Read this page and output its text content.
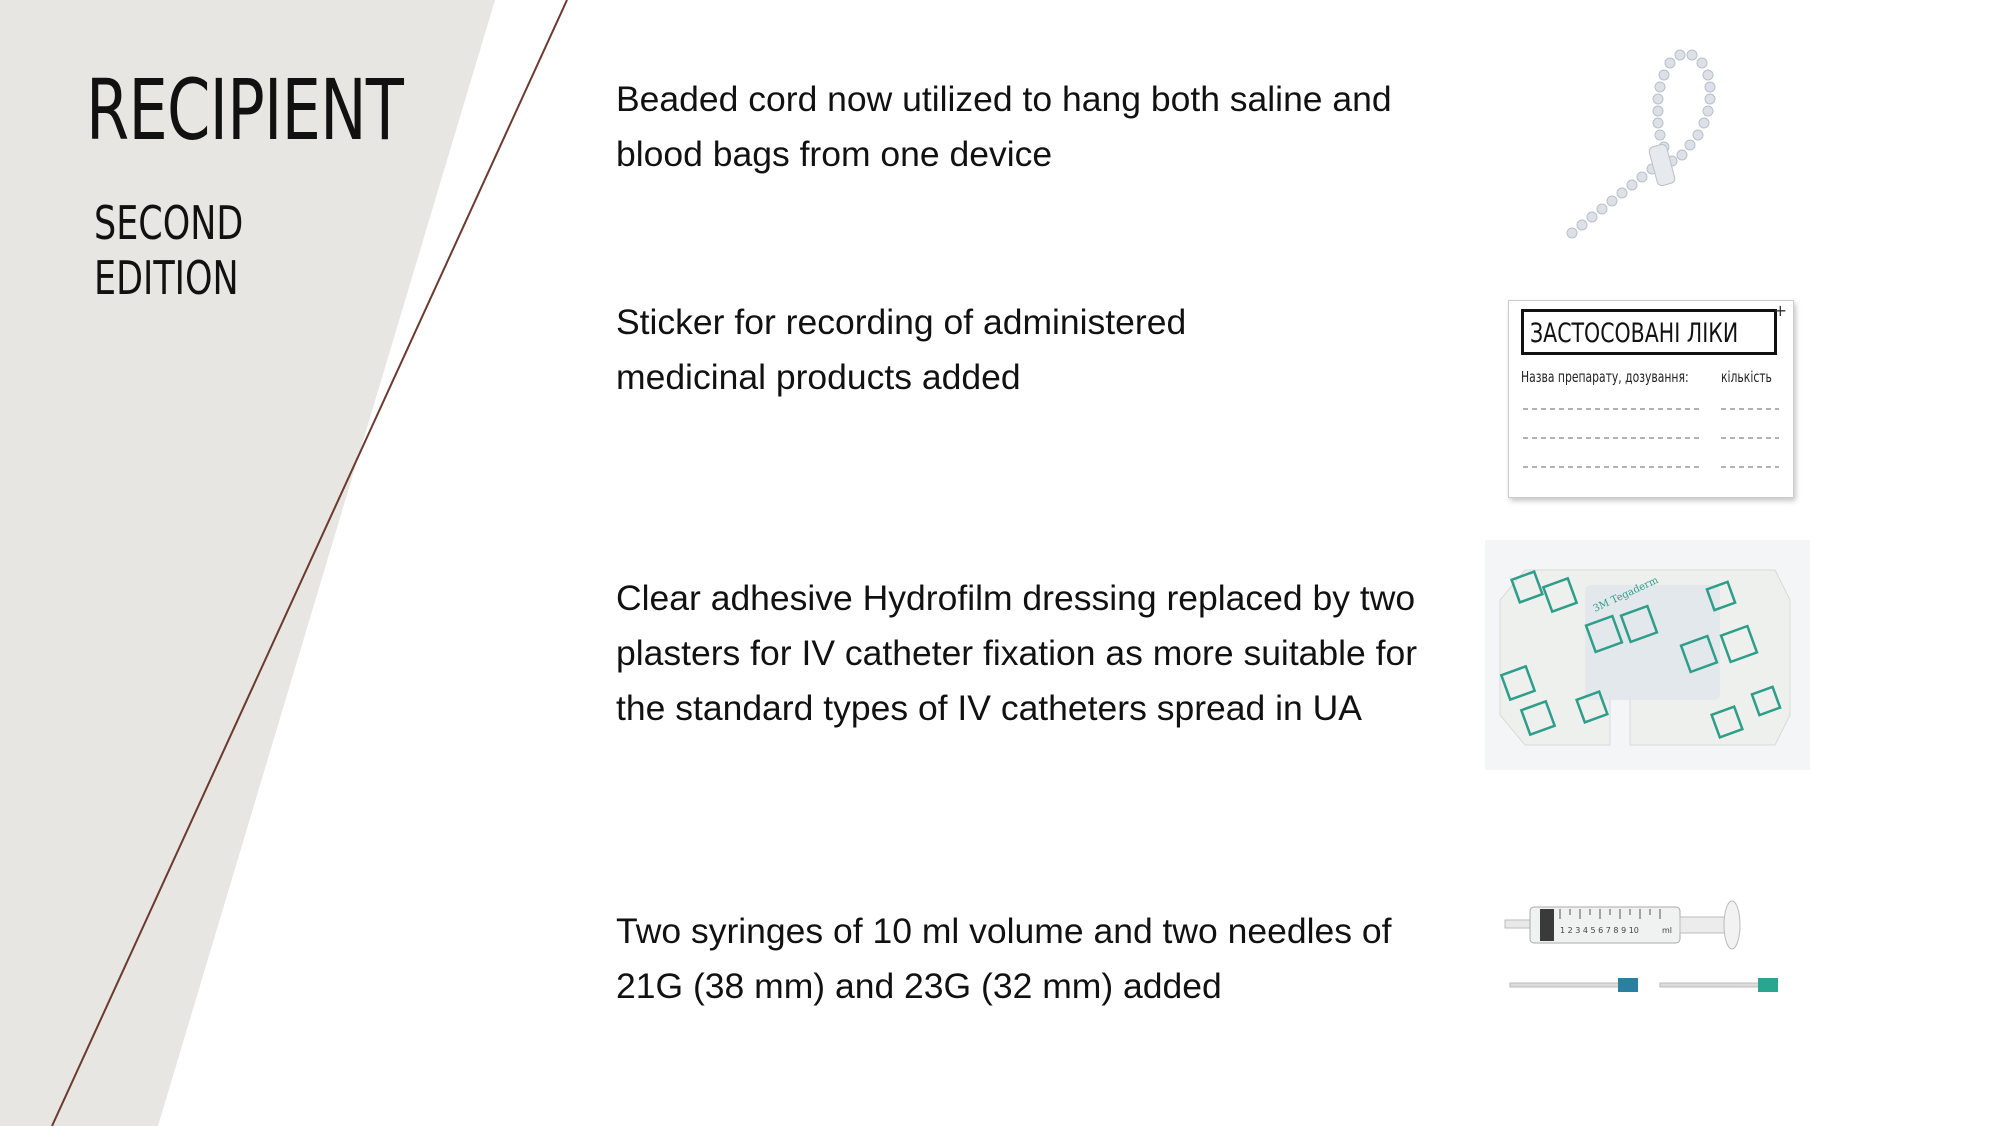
RECIPIENT
SECOND
EDITION

Beaded cord now utilized to hang both saline and blood bags from one device

Sticker for recording of administered medicinal products added

ЗАСТОСОВАНІ ЛІКИ
+
Назва препарату, дозування: кількість

Clear adhesive Hydrofilm dressing replaced by two plasters for IV catheter fixation as more suitable for the standard types of IV catheters spread in UA

3M Tegaderm

Two syringes of 10 ml volume and two needles of 21G (38 mm) and 23G (32 mm) added

1 2 3 4 5 6 7 8 9 10	ml
